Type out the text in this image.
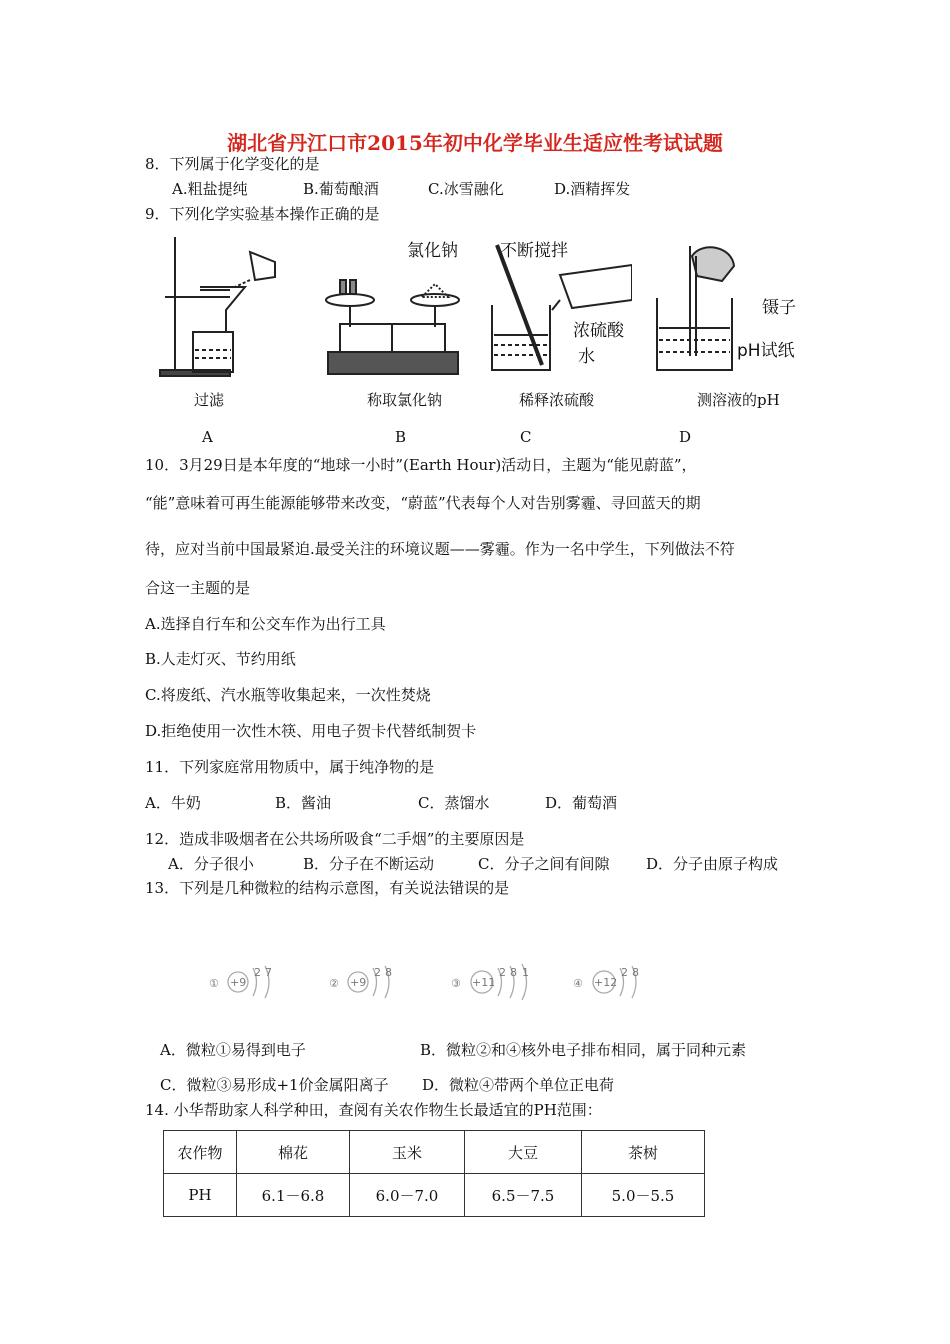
湖北省丹江口市2015年初中化学毕业生适应性考试试题
8．下列属于化学变化的是
A.粗盐提纯	B.葡萄酿酒	C.冰雪融化	D.酒精挥发
9．下列化学实验基本操作正确的是
过滤
A
氯化钠
称取氯化钠
B
不断搅拌
浓硫酸
水
稀释浓硫酸
C
镊子
pH试纸
测溶液的pH
D
10．3月29日是本年度的“地球一小时”(Earth Hour)活动日，主题为“能见蔚蓝”，
“能”意味着可再生能源能够带来改变，“蔚蓝”代表每个人对告别雾霾、寻回蓝天的期
待，应对当前中国最紧迫.最受关注的环境议题——雾霾。作为一名中学生，下列做法不符
合这一主题的是
A.选择自行车和公交车作为出行工具
B.人走灯灭、节约用纸
C.将废纸、汽水瓶等收集起来，一次性焚烧
D.拒绝使用一次性木筷、用电子贺卡代替纸制贺卡
11．下列家庭常用物质中，属于纯净物的是
A．牛奶	B．酱油	C．蒸馏水	D．葡萄酒
12．造成非吸烟者在公共场所吸食“二手烟”的主要原因是
A．分子很小	B．分子在不断运动	C．分子之间有间隙 D．分子由原子构成
13．下列是几种微粒的结构示意图，有关说法错误的是
① +9
2 7
② +9
2 8
③ +11
2 8 1
④ +12
2 8
A．微粒①易得到电子	B．微粒②和④核外电子排布相同，属于同种元素
C．微粒③易形成+1价金属阳离子 D．微粒④带两个单位正电荷
14. 小华帮助家人科学种田，查阅有关农作物生长最适宜的PH范围：
农作物	棉花	玉米	大豆	茶树
PH	6.1－6.8	6.0－7.0	6.5－7.5	5.0－5.5
